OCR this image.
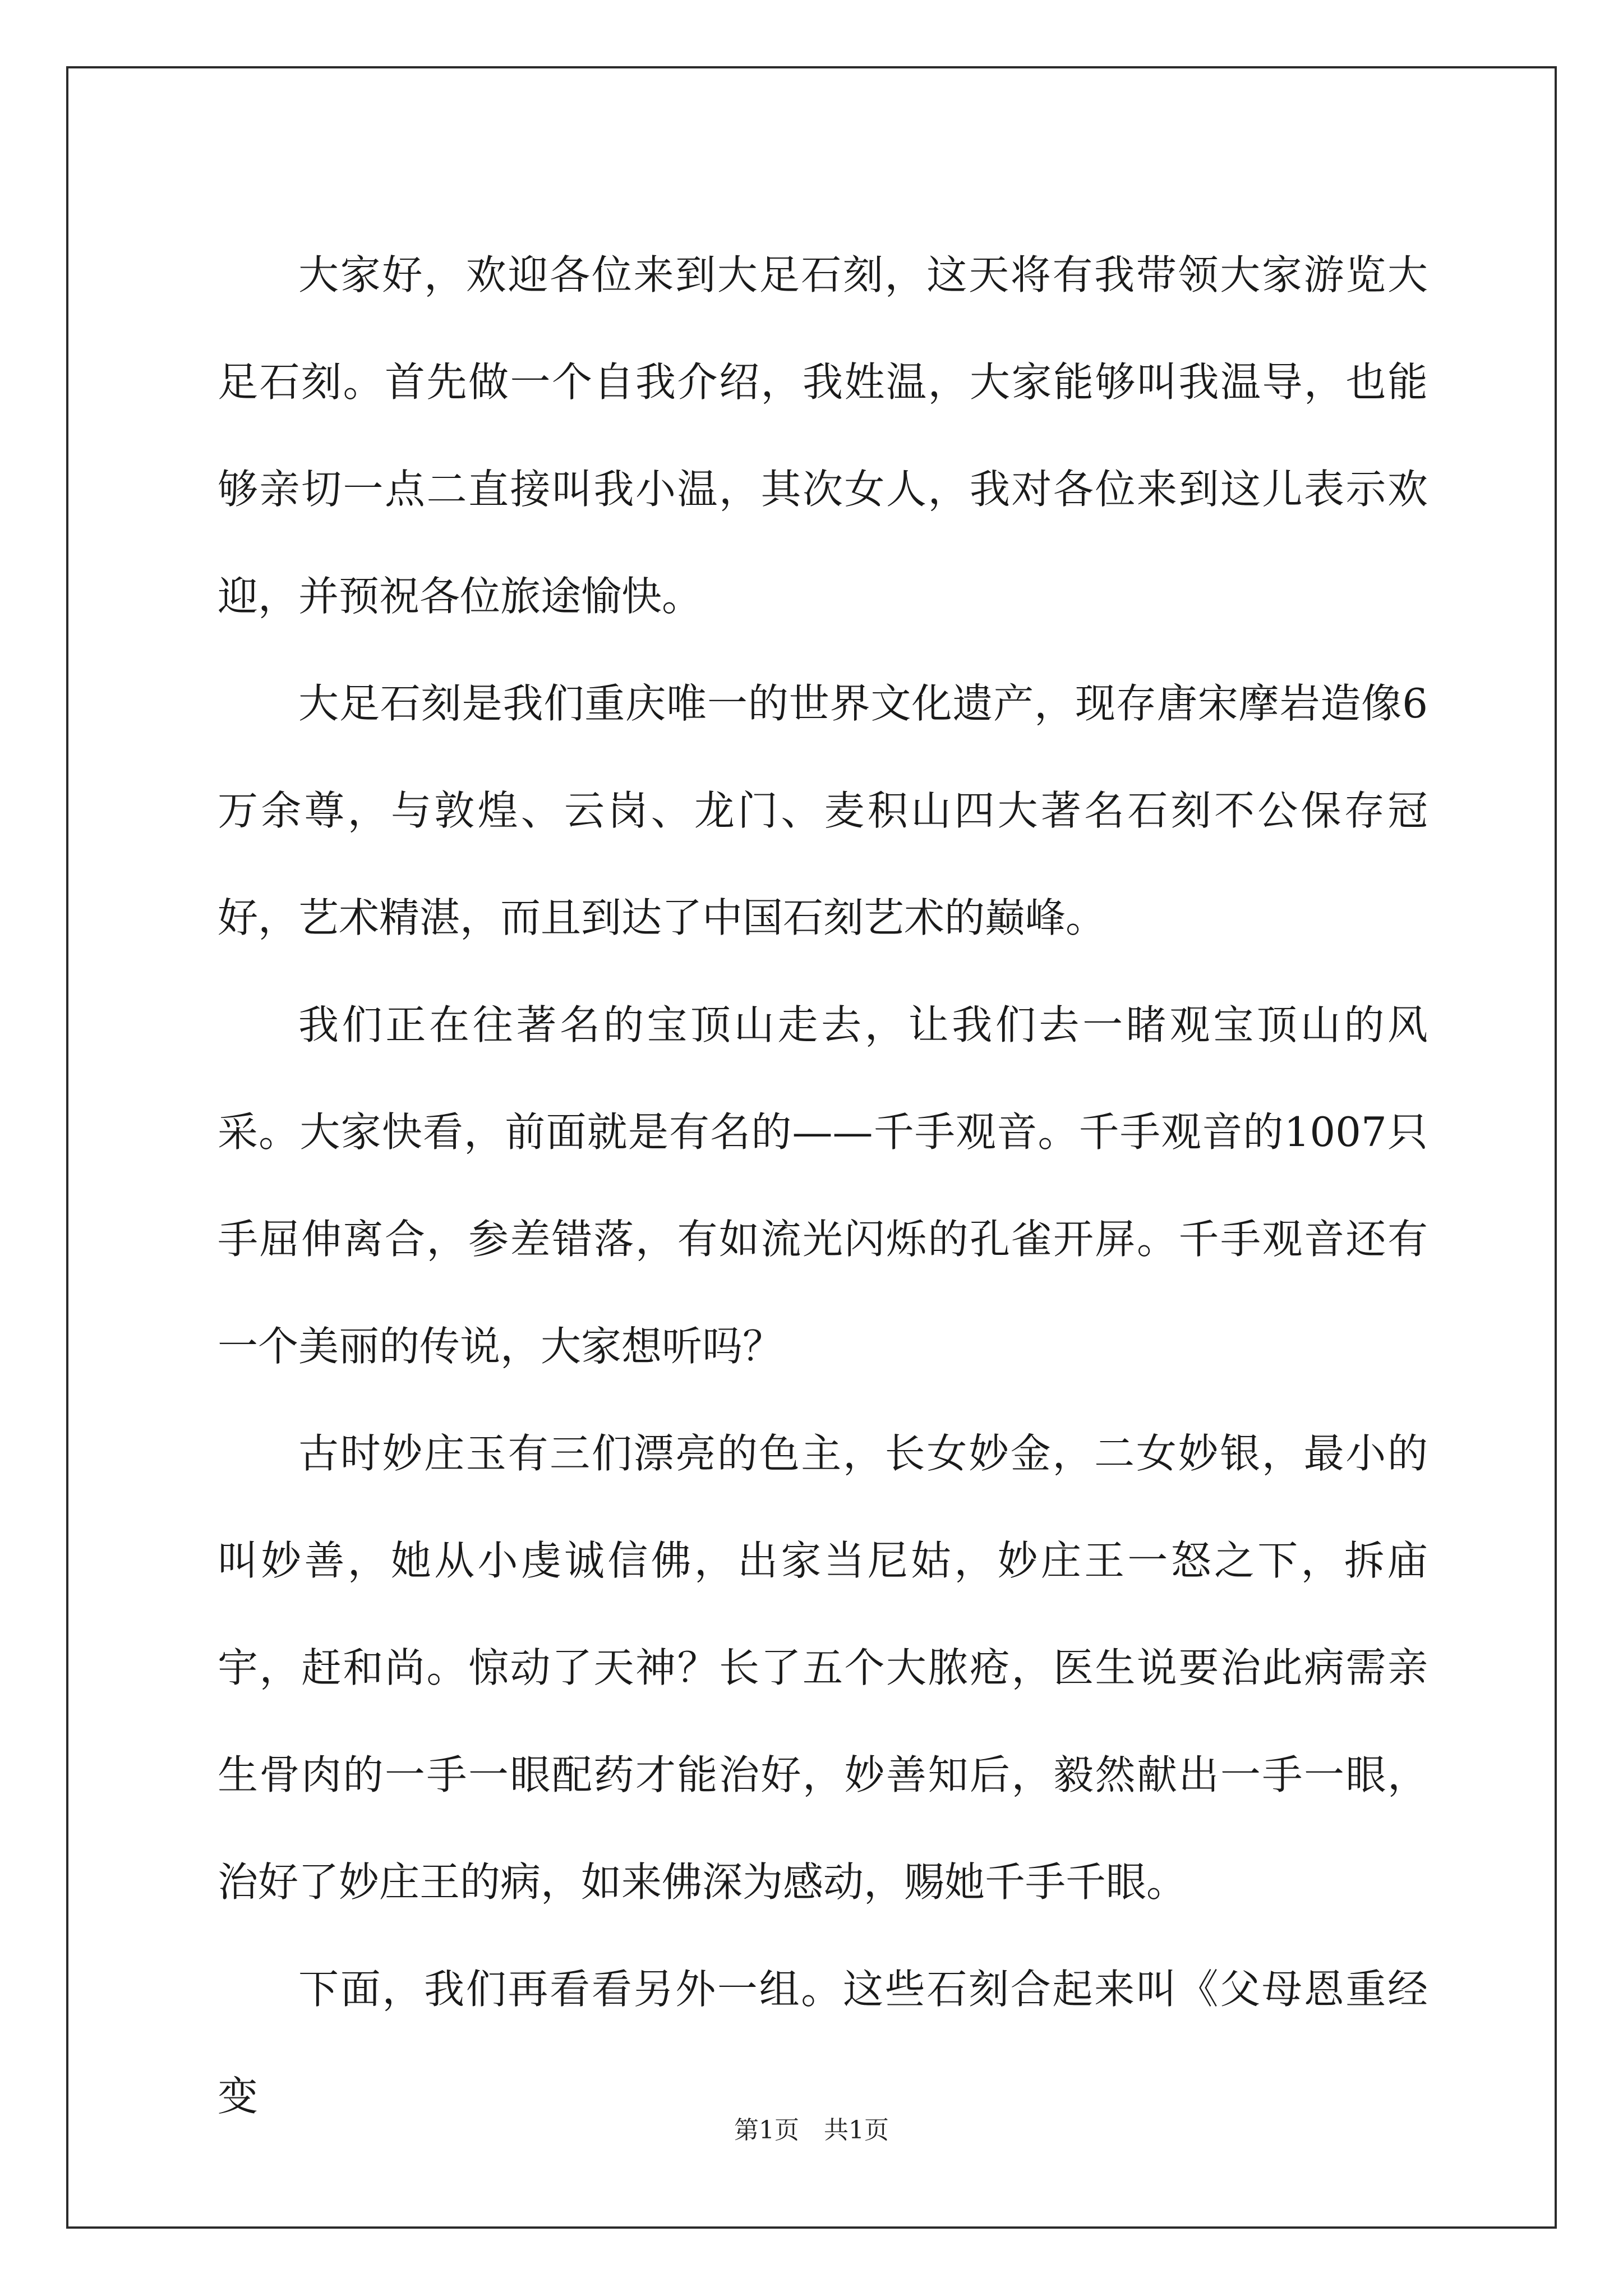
大家好，欢迎各位来到大足石刻，这天将有我带领大家游览大足石刻。首先做一个自我介绍，我姓温，大家能够叫我温导，也能够亲切一点二直接叫我小温，其次女人，我对各位来到这儿表示欢迎，并预祝各位旅途愉快。

大足石刻是我们重庆唯一的世界文化遗产，现存唐宋摩岩造像6万余尊，与敦煌、云岗、龙门、麦积山四大著名石刻不公保存冠好，艺术精湛，而且到达了中国石刻艺术的巅峰。

我们正在往著名的宝顶山走去，让我们去一睹观宝顶山的风采。大家快看，前面就是有名的——千手观音。千手观音的1007只手屈伸离合，参差错落，有如流光闪烁的孔雀开屏。千手观音还有一个美丽的传说，大家想听吗？

古时妙庄玉有三们漂亮的色主，长女妙金，二女妙银，最小的叫妙善，她从小虔诚信佛，出家当尼姑，妙庄王一怒之下，拆庙宇，赶和尚。惊动了天神？长了五个大脓疮，医生说要治此病需亲生骨肉的一手一眼配药才能治好，妙善知后，毅然献出一手一眼，治好了妙庄王的病，如来佛深为感动，赐她千手千眼。

下面，我们再看看另外一组。这些石刻合起来叫《父母恩重经变

第1页 共1页
